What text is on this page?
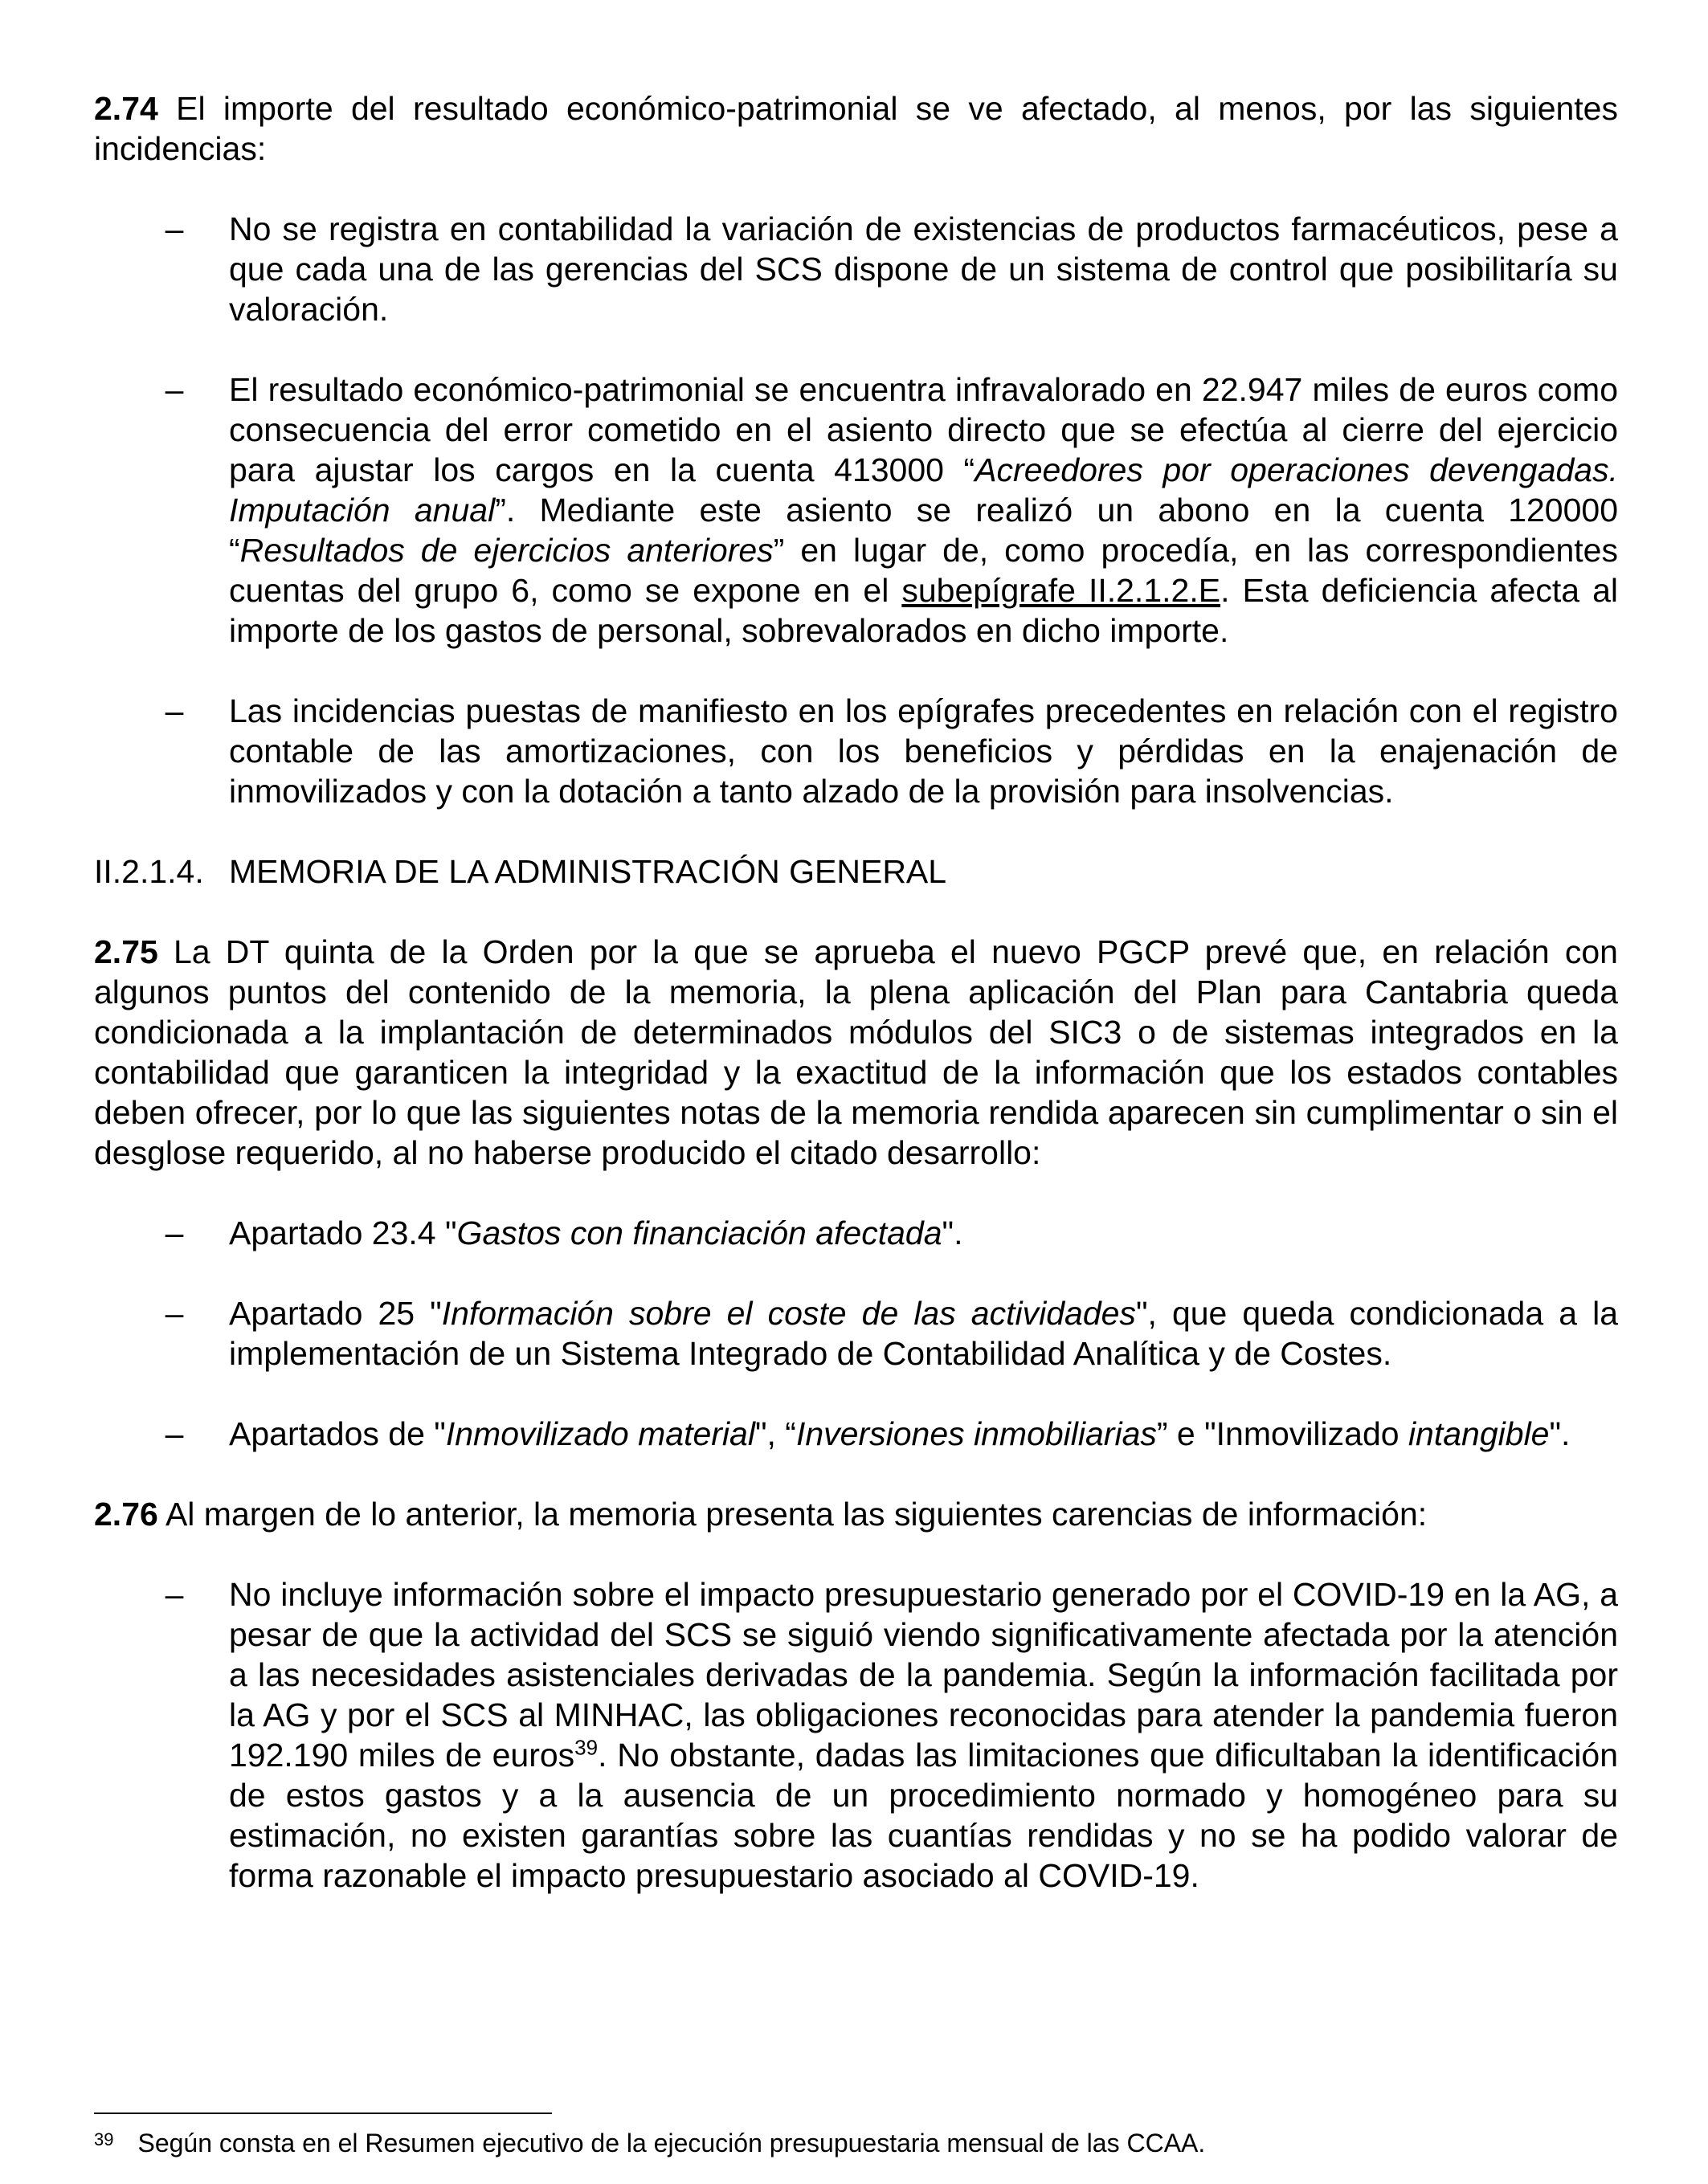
2.74 El importe del resultado económico-patrimonial se ve afectado, al menos, por las siguientes incidencias:

– No se registra en contabilidad la variación de existencias de productos farmacéuticos, pese a que cada una de las gerencias del SCS dispone de un sistema de control que posibilitaría su valoración.
– El resultado económico-patrimonial se encuentra infravalorado en 22.947 miles de euros como consecuencia del error cometido en el asiento directo que se efectúa al cierre del ejercicio para ajustar los cargos en la cuenta 413000 “Acreedores por operaciones devengadas. Imputación anual”. Mediante este asiento se realizó un abono en la cuenta 120000 “Resultados de ejercicios anteriores” en lugar de, como procedía, en las correspondientes cuentas del grupo 6, como se expone en el subepígrafe II.2.1.2.E. Esta deficiencia afecta al importe de los gastos de personal, sobrevalorados en dicho importe.
– Las incidencias puestas de manifiesto en los epígrafes precedentes en relación con el registro contable de las amortizaciones, con los beneficios y pérdidas en la enajenación de inmovilizados y con la dotación a tanto alzado de la provisión para insolvencias.

II.2.1.4. MEMORIA DE LA ADMINISTRACIÓN GENERAL

2.75 La DT quinta de la Orden por la que se aprueba el nuevo PGCP prevé que, en relación con algunos puntos del contenido de la memoria, la plena aplicación del Plan para Cantabria queda condicionada a la implantación de determinados módulos del SIC3 o de sistemas integrados en la contabilidad que garanticen la integridad y la exactitud de la información que los estados contables deben ofrecer, por lo que las siguientes notas de la memoria rendida aparecen sin cumplimentar o sin el desglose requerido, al no haberse producido el citado desarrollo:

– Apartado 23.4 "Gastos con financiación afectada".
– Apartado 25 "Información sobre el coste de las actividades", que queda condicionada a la implementación de un Sistema Integrado de Contabilidad Analítica y de Costes.
– Apartados de "Inmovilizado material", “Inversiones inmobiliarias” e "Inmovilizado intangible".

2.76 Al margen de lo anterior, la memoria presenta las siguientes carencias de información:

– No incluye información sobre el impacto presupuestario generado por el COVID-19 en la AG, a pesar de que la actividad del SCS se siguió viendo significativamente afectada por la atención a las necesidades asistenciales derivadas de la pandemia. Según la información facilitada por la AG y por el SCS al MINHAC, las obligaciones reconocidas para atender la pandemia fueron 192.190 miles de euros$^{39}$. No obstante, dadas las limitaciones que dificultaban la identificación de estos gastos y a la ausencia de un procedimiento normado y homogéneo para su estimación, no existen garantías sobre las cuantías rendidas y no se ha podido valorar de forma razonable el impacto presupuestario asociado al COVID-19.
$^{39}$ Según consta en el Resumen ejecutivo de la ejecución presupuestaria mensual de las CCAA.
